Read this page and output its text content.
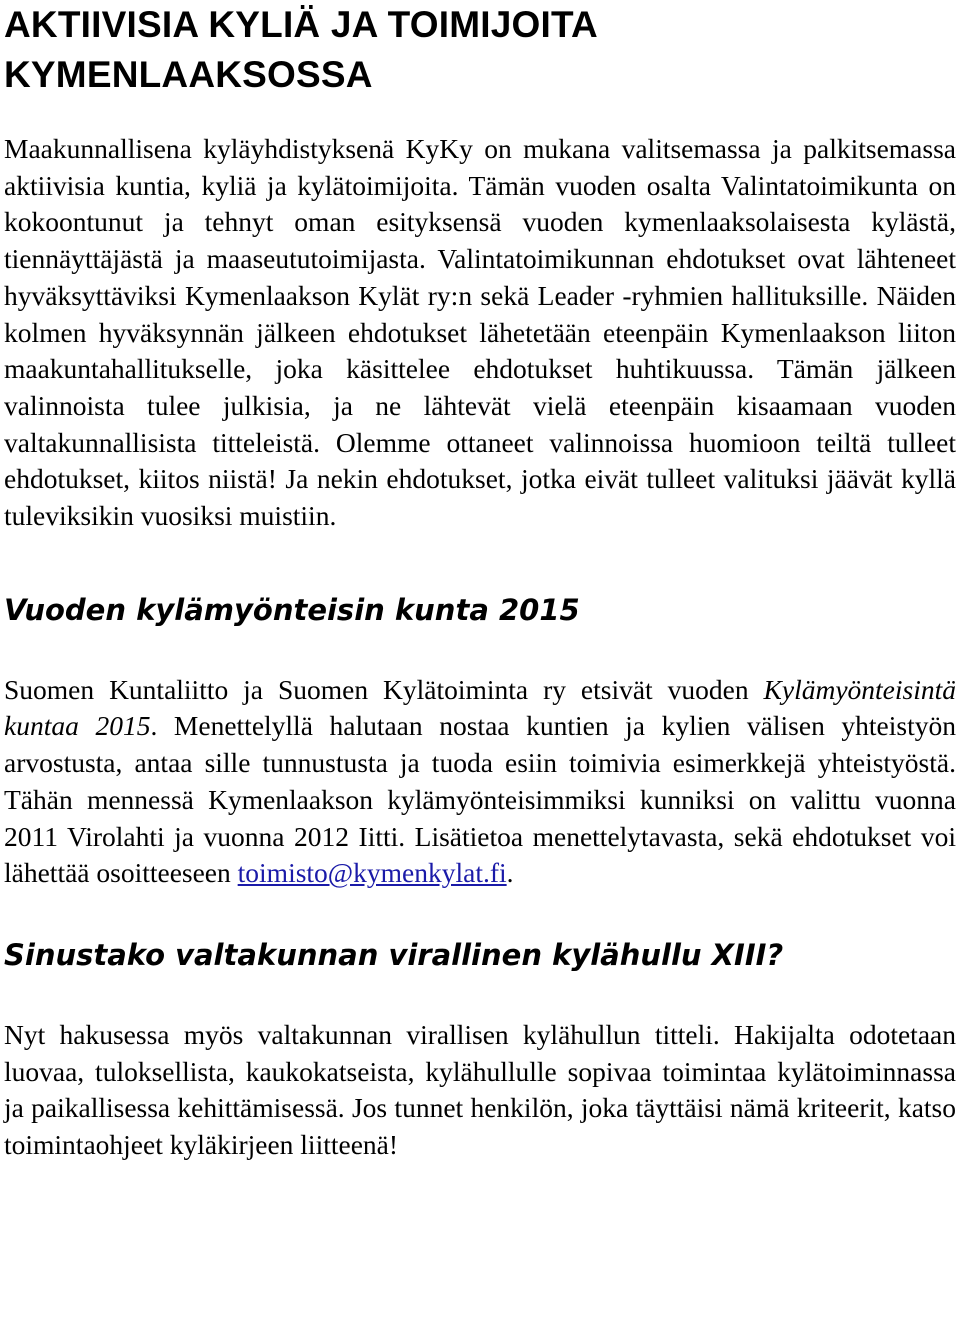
AKTIIVISIA KYLIÄ JA TOIMIJOITA
KYMENLAAKSOSSA

Maakunnallisena kyläyhdistyksenä KyKy on mukana valitsemassa ja palkitsemassa aktiivisia kuntia, kyliä ja kylätoimijoita. Tämän vuoden osalta Valintatoimikunta on kokoontunut ja tehnyt oman esityksensä vuoden kymenlaaksolaisesta kylästä, tiennäyttäjästä ja maaseututoimijasta. Valintatoimikunnan ehdotukset ovat lähteneet hyväksyttäviksi Kymenlaakson Kylät ry:n sekä Leader -ryhmien hallituksille. Näiden kolmen hyväksynnän jälkeen ehdotukset lähetetään eteenpäin Kymenlaakson liiton maakuntahallitukselle, joka käsittelee ehdotukset huhtikuussa. Tämän jälkeen valinnoista tulee julkisia, ja ne lähtevät vielä eteenpäin kisaamaan vuoden valtakunnallisista titteleistä. Olemme ottaneet valinnoissa huomioon teiltä tulleet ehdotukset, kiitos niistä! Ja nekin ehdotukset, jotka eivät tulleet valituksi jäävät kyllä tuleviksikin vuosiksi muistiin.

Vuoden kylämyönteisin kunta 2015

Suomen Kuntaliitto ja Suomen Kylätoiminta ry etsivät vuoden Kylämyönteisintä kuntaa 2015. Menettelyllä halutaan nostaa kuntien ja kylien välisen yhteistyön arvostusta, antaa sille tunnustusta ja tuoda esiin toimivia esimerkkejä yhteistyöstä. Tähän mennessä Kymenlaakson kylämyönteisimmiksi kunniksi on valittu vuonna 2011 Virolahti ja vuonna 2012 Iitti. Lisätietoa menettelytavasta, sekä ehdotukset voi lähettää osoitteeseen toimisto@kymenkylat.fi.

Sinustako valtakunnan virallinen kylähullu XIII?

Nyt hakusessa myös valtakunnan virallisen kylähullun titteli. Hakijalta odotetaan luovaa, tuloksellista, kaukokatseista, kylähullulle sopivaa toimintaa kylätoiminnassa ja paikallisessa kehittämisessä. Jos tunnet henkilön, joka täyttäisi nämä kriteerit, katso toimintaohjeet kyläkirjeen liitteenä!
